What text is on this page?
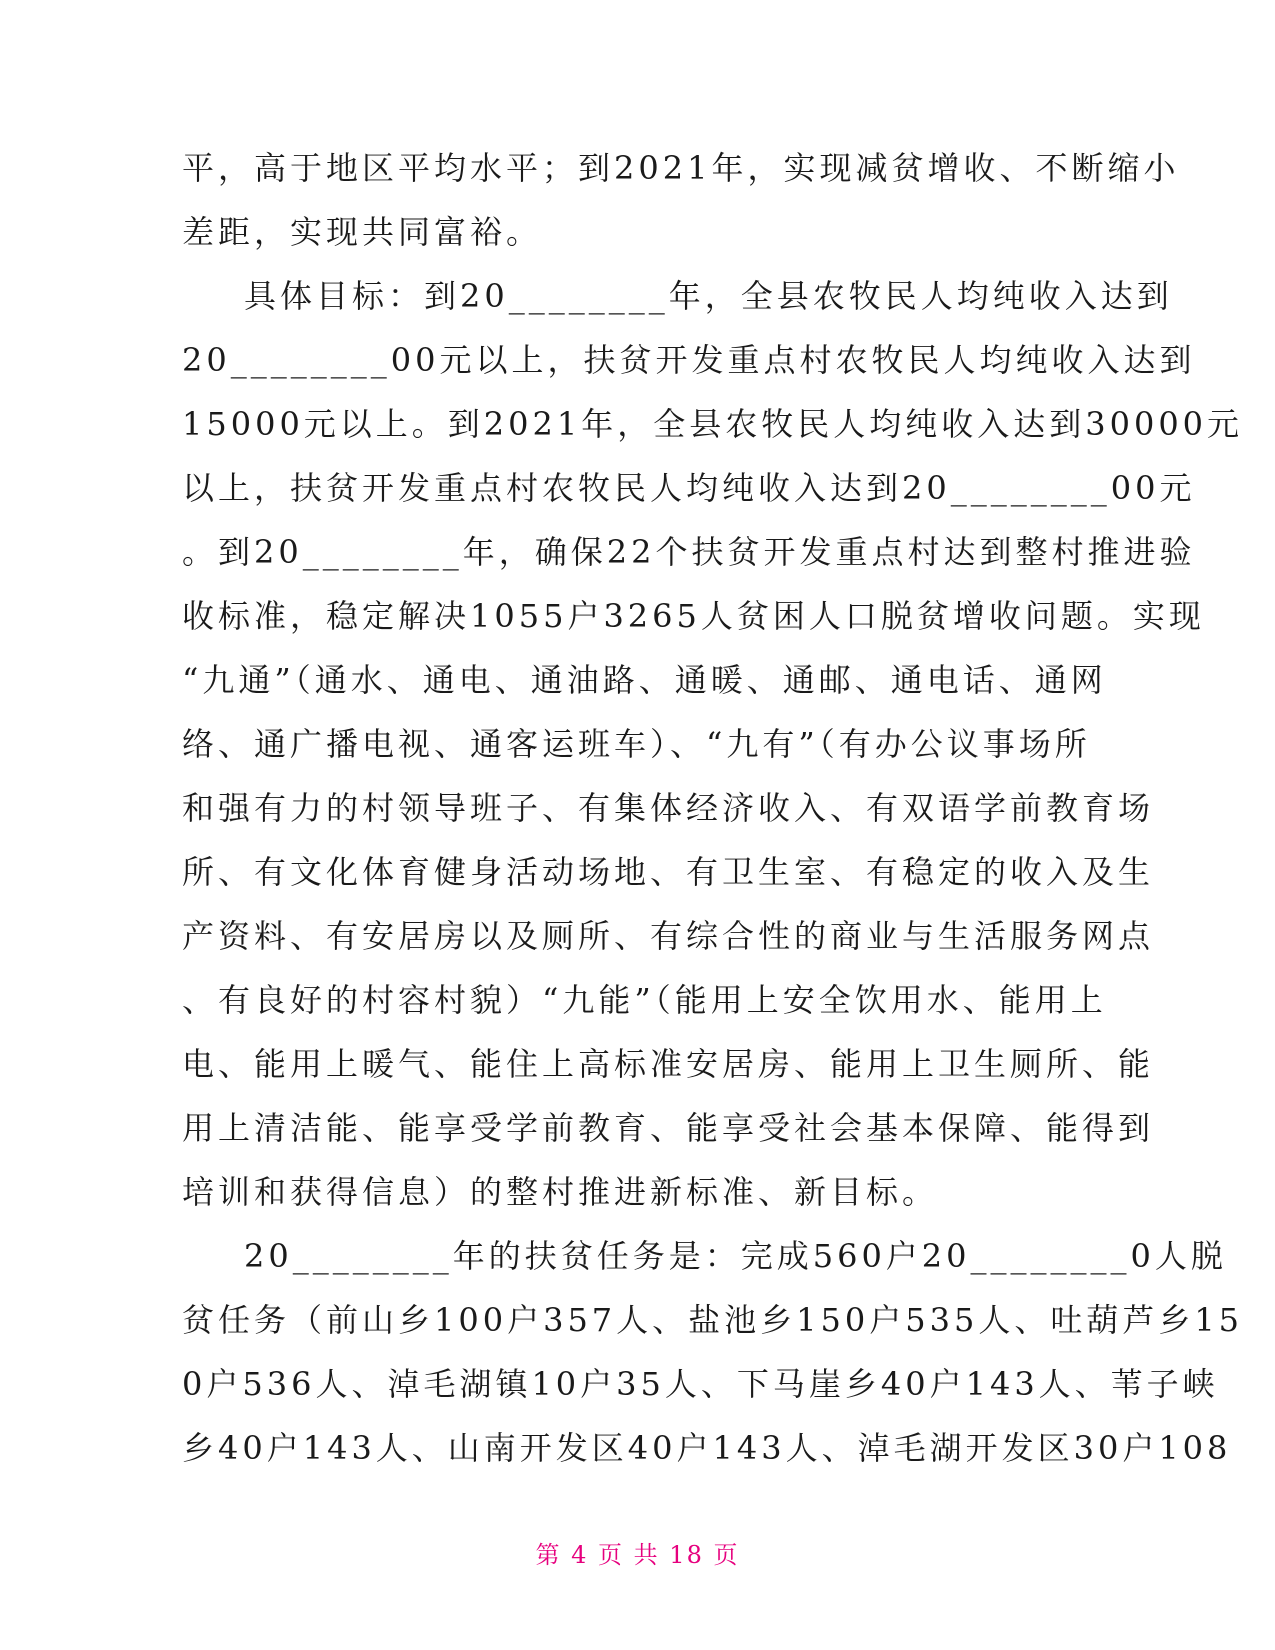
平，高于地区平均水平；到2021年，实现减贫增收、不断缩小
差距，实现共同富裕。
具体目标：到20________年，全县农牧民人均纯收入达到
20________00元以上，扶贫开发重点村农牧民人均纯收入达到
15000元以上。到2021年，全县农牧民人均纯收入达到30000元
以上，扶贫开发重点村农牧民人均纯收入达到20________00元
。到20________年，确保22个扶贫开发重点村达到整村推进验
收标准，稳定解决1055户3265人贫困人口脱贫增收问题。实现
“九通”（通水、通电、通油路、通暖、通邮、通电话、通网
络、通广播电视、通客运班车）、“九有”（有办公议事场所
和强有力的村领导班子、有集体经济收入、有双语学前教育场
所、有文化体育健身活动场地、有卫生室、有稳定的收入及生
产资料、有安居房以及厕所、有综合性的商业与生活服务网点
、有良好的村容村貌）“九能”（能用上安全饮用水、能用上
电、能用上暖气、能住上高标准安居房、能用上卫生厕所、能
用上清洁能、能享受学前教育、能享受社会基本保障、能得到
培训和获得信息）的整村推进新标准、新目标。
20________年的扶贫任务是：完成560户20________0人脱
贫任务（前山乡100户357人、盐池乡150户535人、吐葫芦乡15
0户536人、淖毛湖镇10户35人、下马崖乡40户143人、苇子峡
乡40户143人、山南开发区40户143人、淖毛湖开发区30户108
第 4 页 共 18 页
